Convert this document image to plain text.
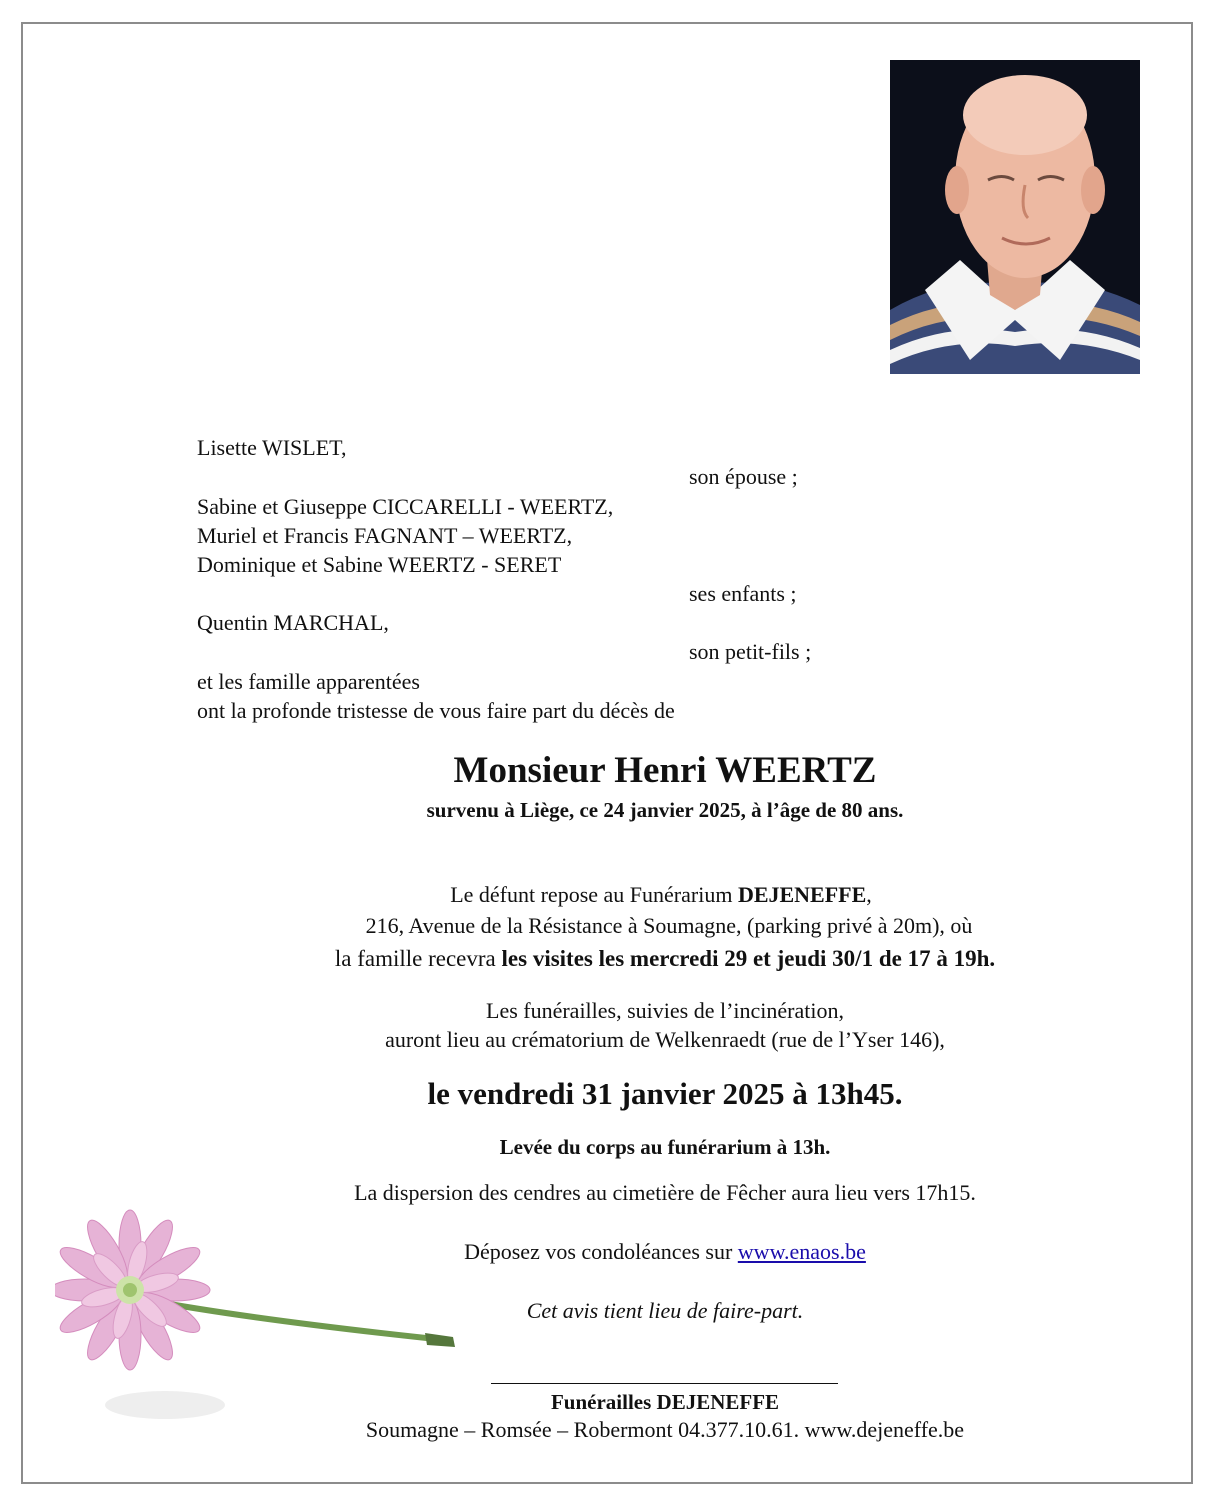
Lisette WISLET,
son épouse ;
Sabine et Giuseppe CICCARELLI - WEERTZ,
Muriel et Francis FAGNANT – WEERTZ,
Dominique et Sabine WEERTZ - SERET
ses enfants ;
Quentin MARCHAL,
son petit-fils ;
et les famille apparentées
ont la profonde tristesse de vous faire part du décès de
Monsieur Henri WEERTZ
survenu à Liège, ce 24 janvier 2025, à l’âge de 80 ans.
Le défunt repose au Funérarium DEJENEFFE,
216, Avenue de la Résistance à Soumagne, (parking privé à 20m), où
la famille recevra les visites les mercredi 29 et jeudi 30/1 de 17 à 19h.
Les funérailles, suivies de l’incinération,
auront lieu au crématorium de Welkenraedt (rue de l’Yser 146),
le vendredi 31 janvier 2025 à 13h45.
Levée du corps au funérarium à 13h.
La dispersion des cendres au cimetière de Fêcher aura lieu vers 17h15.
Déposez vos condoléances sur www.enaos.be
Cet avis tient lieu de faire-part.
Funérailles DEJENEFFE
Soumagne – Romsée – Robermont 04.377.10.61. www.dejeneffe.be
